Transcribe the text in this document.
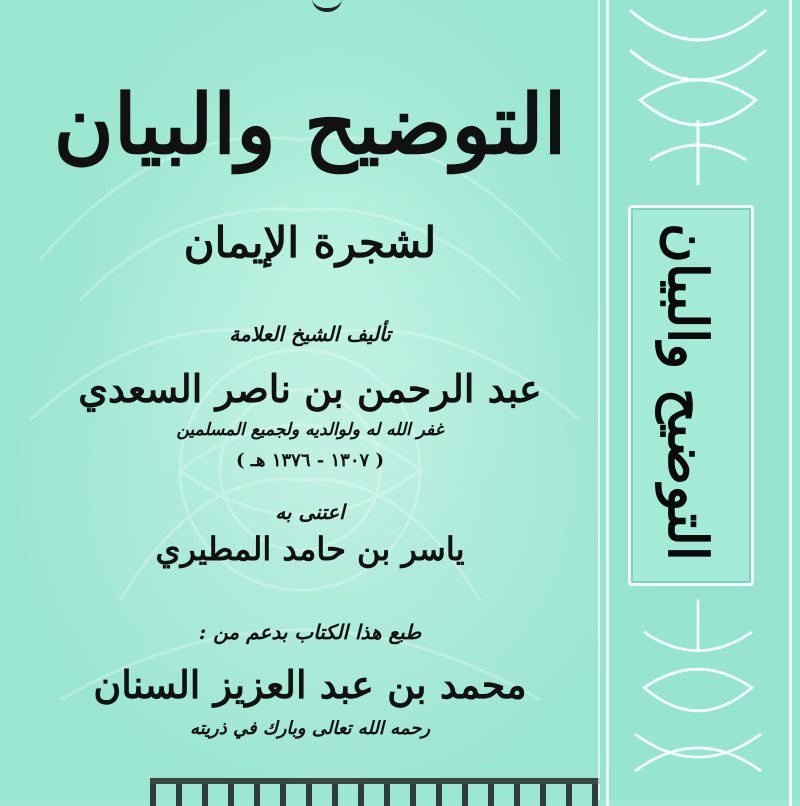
التوضيح والبيان
لشجرة الإيمان
تأليف الشيخ العلامة
عبد الرحمن بن ناصر السعدي
غفر الله له ولوالديه ولجميع المسلمين
( ١٣٠٧ - ١٣٧٦ هـ )
اعتنى به
ياسر بن حامد المطيري
طبع هذا الكتاب بدعم من :
محمد بن عبد العزيز السنان
رحمه الله تعالى وبارك في ذريته
التوضيح والبيان
